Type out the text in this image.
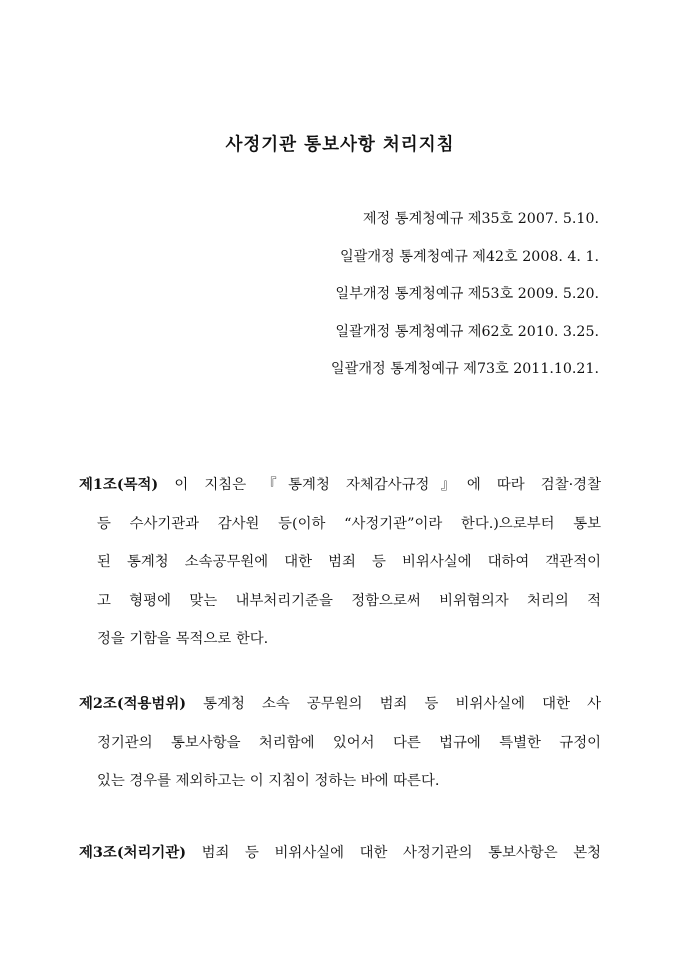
사정기관 통보사항 처리지침
제정 통계청예규 제35호 2007. 5.10.
일괄개정 통계청예규 제42호 2008. 4. 1.
일부개정 통계청예규 제53호 2009. 5.20.
일괄개정 통계청예규 제62호 2010. 3.25.
일괄개정 통계청예규 제73호 2011.10.21.
제1조(목적) 이 지침은 『통계청 자체감사규정』에 따라 검찰·경찰
등 수사기관과 감사원 등(이하 “사정기관”이라 한다.)으로부터 통보
된 통계청 소속공무원에 대한 범죄 등 비위사실에 대하여 객관적이
고 형평에 맞는 내부처리기준을 정함으로써 비위혐의자 처리의 적
정을 기함을 목적으로 한다.
제2조(적용범위) 통계청 소속 공무원의 범죄 등 비위사실에 대한 사
정기관의 통보사항을 처리함에 있어서 다른 법규에 특별한 규정이
있는 경우를 제외하고는 이 지침이 정하는 바에 따른다.
제3조(처리기관) 범죄 등 비위사실에 대한 사정기관의 통보사항은 본청
